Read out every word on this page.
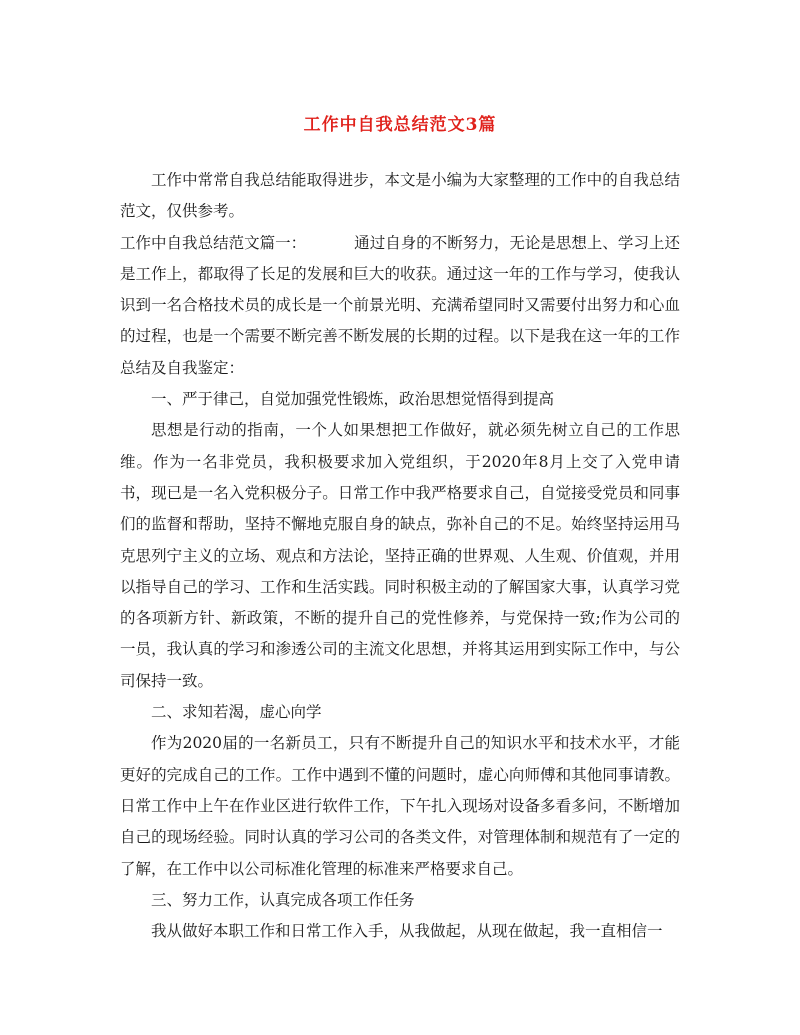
工作中自我总结范文3篇

工作中常常自我总结能取得进步，本文是小编为大家整理的工作中的自我总结范文，仅供参考。

工作中自我总结范文篇一：	通过自身的不断努力，无论是思想上、学习上还是工作上，都取得了长足的发展和巨大的收获。通过这一年的工作与学习，使我认识到一名合格技术员的成长是一个前景光明、充满希望同时又需要付出努力和心血的过程，也是一个需要不断完善不断发展的长期的过程。以下是我在这一年的工作总结及自我鉴定：

一、严于律己，自觉加强党性锻炼，政治思想觉悟得到提高

思想是行动的指南，一个人如果想把工作做好，就必须先树立自己的工作思维。作为一名非党员，我积极要求加入党组织，于2020年8月上交了入党申请书，现已是一名入党积极分子。日常工作中我严格要求自己，自觉接受党员和同事们的监督和帮助，坚持不懈地克服自身的缺点，弥补自己的不足。始终坚持运用马克思列宁主义的立场、观点和方法论，坚持正确的世界观、人生观、价值观，并用以指导自己的学习、工作和生活实践。同时积极主动的了解国家大事，认真学习党的各项新方针、新政策，不断的提升自己的党性修养，与党保持一致;作为公司的一员，我认真的学习和渗透公司的主流文化思想，并将其运用到实际工作中，与公司保持一致。

二、求知若渴，虚心向学

作为2020届的一名新员工，只有不断提升自己的知识水平和技术水平，才能更好的完成自己的工作。工作中遇到不懂的问题时，虚心向师傅和其他同事请教。日常工作中上午在作业区进行软件工作，下午扎入现场对设备多看多问，不断增加自己的现场经验。同时认真的学习公司的各类文件，对管理体制和规范有了一定的了解，在工作中以公司标准化管理的标准来严格要求自己。

三、努力工作，认真完成各项工作任务

我从做好本职工作和日常工作入手，从我做起，从现在做起，我一直相信一
